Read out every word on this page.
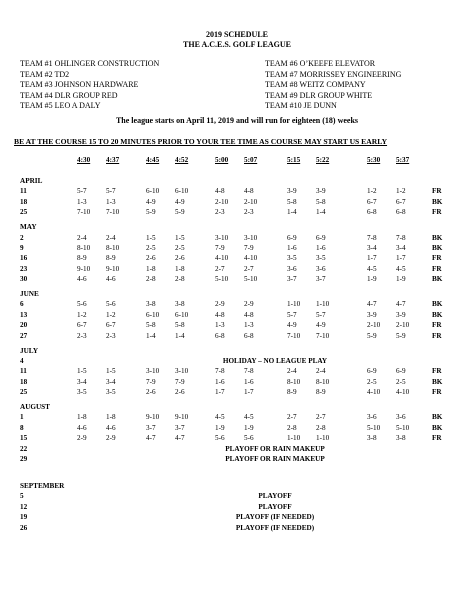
2019 SCHEDULE
THE A.C.E.S. GOLF LEAGUE
TEAM #1 OHLINGER CONSTRUCTION
TEAM #2 TD2
TEAM #3 JOHNSON HARDWARE
TEAM #4 DLR GROUP RED
TEAM #5 LEO A DALY
TEAM #6 O’KEEFE ELEVATOR
TEAM #7 MORRISSEY ENGINEERING
TEAM #8 WEITZ COMPANY
TEAM #9 DLR GROUP WHITE
TEAM #10 JE DUNN
The league starts on April 11, 2019 and will run for eighteen (18) weeks
BE AT THE COURSE 15 TO 20 MINUTES PRIOR TO YOUR TEE TIME AS COURSE MAY START US EARLY
4:30 4:37	4:45 4:52	5:00 5:07	5:15 5:22	5:30 5:37
APRIL
11	5-7	5-7	6-10 6-10	4-8	4-8	3-9	3-9	1-2	1-2	FR
18	1-3	1-3	4-9	4-9	2-10 2-10	5-8	5-8	6-7	6-7	BK
25	7-10 7-10	5-9	5-9	2-3	2-3	1-4	1-4	6-8	6-8	FR
MAY
2	2-4	2-4	1-5	1-5	3-10 3-10	6-9	6-9	7-8	7-8	BK
9	8-10 8-10	2-5	2-5	7-9	7-9	1-6	1-6	3-4	3-4	BK
16	8-9	8-9	2-6	2-6	4-10 4-10	3-5	3-5	1-7	1-7	FR
23	9-10 9-10	1-8	1-8	2-7	2-7	3-6	3-6	4-5	4-5	FR
30	4-6	4-6	2-8	2-8	5-10 5-10	3-7	3-7	1-9	1-9	BK
JUNE
6	5-6	5-6	3-8	3-8	2-9	2-9	1-10 1-10	4-7	4-7	BK
13	1-2	1-2	6-10 6-10	4-8	4-8	5-7	5-7	3-9	3-9	BK
20	6-7	6-7	5-8	5-8	1-3	1-3	4-9	4-9	2-10 2-10	FR
27	2-3	2-3	1-4	1-4	6-8	6-8	7-10 7-10	5-9	5-9	FR
JULY
4	HOLIDAY – NO LEAGUE PLAY
11	1-5	1-5	3-10 3-10	7-8	7-8	2-4	2-4	6-9	6-9	FR
18	3-4	3-4	7-9	7-9	1-6	1-6	8-10 8-10	2-5	2-5	BK
25	3-5	3-5	2-6	2-6	1-7	1-7	8-9	8-9	4-10 4-10	FR
AUGUST
1	1-8	1-8	9-10 9-10	4-5	4-5	2-7	2-7	3-6	3-6	BK
8	4-6	4-6	3-7	3-7	1-9	1-9	2-8	2-8	5-10 5-10	BK
15	2-9	2-9	4-7	4-7	5-6	5-6	1-10 1-10	3-8	3-8	FR
22	PLAYOFF OR RAIN MAKEUP
29	PLAYOFF OR RAIN MAKEUP
SEPTEMBER
5	PLAYOFF
12	PLAYOFF
19	PLAYOFF (IF NEEDED)
26	PLAYOFF (IF NEEDED)
